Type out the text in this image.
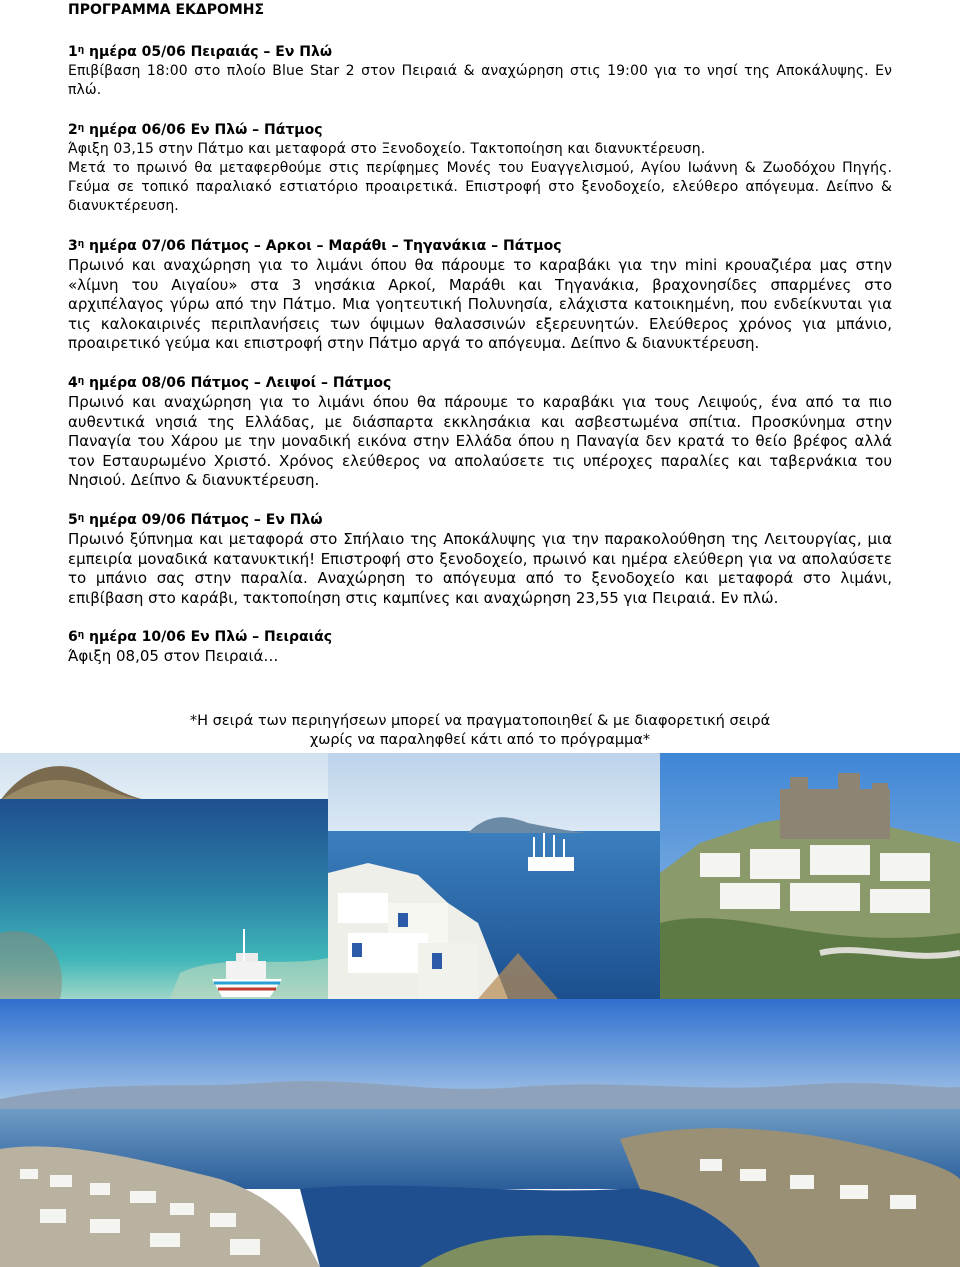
ΠΡΟΓΡΑΜΜΑ ΕΚΔΡΟΜΗΣ
$1^\eta$ ημέρα 05/06 Πειραιάς – Εν Πλώ
Επιβίβαση 18:00 στο πλοίο Blue Star 2 στον Πειραιά & αναχώρηση στις 19:00 για το νησί της Αποκάλυψης. Εν πλώ.
$2^\eta$ ημέρα 06/06 Εν Πλώ – Πάτμος
Άφιξη 03,15 στην Πάτμο και μεταφορά στο Ξενοδοχείο. Τακτοποίηση και διανυκτέρευση.
Μετά το πρωινό θα μεταφερθούμε στις περίφημες Μονές του Ευαγγελισμού, Αγίου Ιωάννη & Ζωοδόχου Πηγής. Γεύμα σε τοπικό παραλιακό εστιατόριο προαιρετικά. Επιστροφή στο ξενοδοχείο, ελεύθερο απόγευμα. Δείπνο & διανυκτέρευση.
$3^\eta$ ημέρα 07/06 Πάτμος – Αρκοι – Μαράθι – Τηγανάκια – Πάτμος
Πρωινό και αναχώρηση για το λιμάνι όπου θα πάρουμε το καραβάκι για την mini κρουαζιέρα μας στην «λίμνη του Αιγαίου» στα 3 νησάκια Αρκοί, Μαράθι και Τηγανάκια, βραχονησίδες σπαρμένες στο αρχιπέλαγος γύρω από την Πάτμο. Μια γοητευτική Πολυνησία, ελάχιστα κατοικημένη, που ενδείκνυται για τις καλοκαιρινές περιπλανήσεις των όψιμων θαλασσινών εξερευνητών. Ελεύθερος χρόνος για μπάνιο, προαιρετικό γεύμα και επιστροφή στην Πάτμο αργά το απόγευμα. Δείπνο & διανυκτέρευση.
$4^\eta$ ημέρα 08/06 Πάτμος – Λειψοί – Πάτμος
Πρωινό και αναχώρηση για το λιμάνι όπου θα πάρουμε το καραβάκι για τους Λειψούς, ένα από τα πιο αυθεντικά νησιά της Ελλάδας, με διάσπαρτα εκκλησάκια και ασβεστωμένα σπίτια. Προσκύνημα στην Παναγία του Χάρου με την μοναδική εικόνα στην Ελλάδα όπου η Παναγία δεν κρατά το θείο βρέφος αλλά τον Εσταυρωμένο Χριστό. Χρόνος ελεύθερος να απολαύσετε τις υπέροχες παραλίες και ταβερνάκια του Νησιού. Δείπνο & διανυκτέρευση.
$5^\eta$ ημέρα 09/06 Πάτμος – Εν Πλώ
Πρωινό ξύπνημα και μεταφορά στο Σπήλαιο της Αποκάλυψης για την παρακολούθηση της Λειτουργίας, μια εμπειρία μοναδικά κατανυκτική! Επιστροφή στο ξενοδοχείο, πρωινό και ημέρα ελεύθερη για να απολαύσετε το μπάνιο σας στην παραλία. Αναχώρηση το απόγευμα από το ξενοδοχείο και μεταφορά στο λιμάνι, επιβίβαση στο καράβι, τακτοποίηση στις καμπίνες και αναχώρηση 23,55 για Πειραιά. Εν πλώ.
$6^\eta$ ημέρα 10/06 Εν Πλώ – Πειραιάς
Άφιξη 08,05 στον Πειραιά…
*Η σειρά των περιηγήσεων μπορεί να πραγματοποιηθεί & με διαφορετική σειρά
χωρίς να παραληφθεί κάτι από το πρόγραμμα*
